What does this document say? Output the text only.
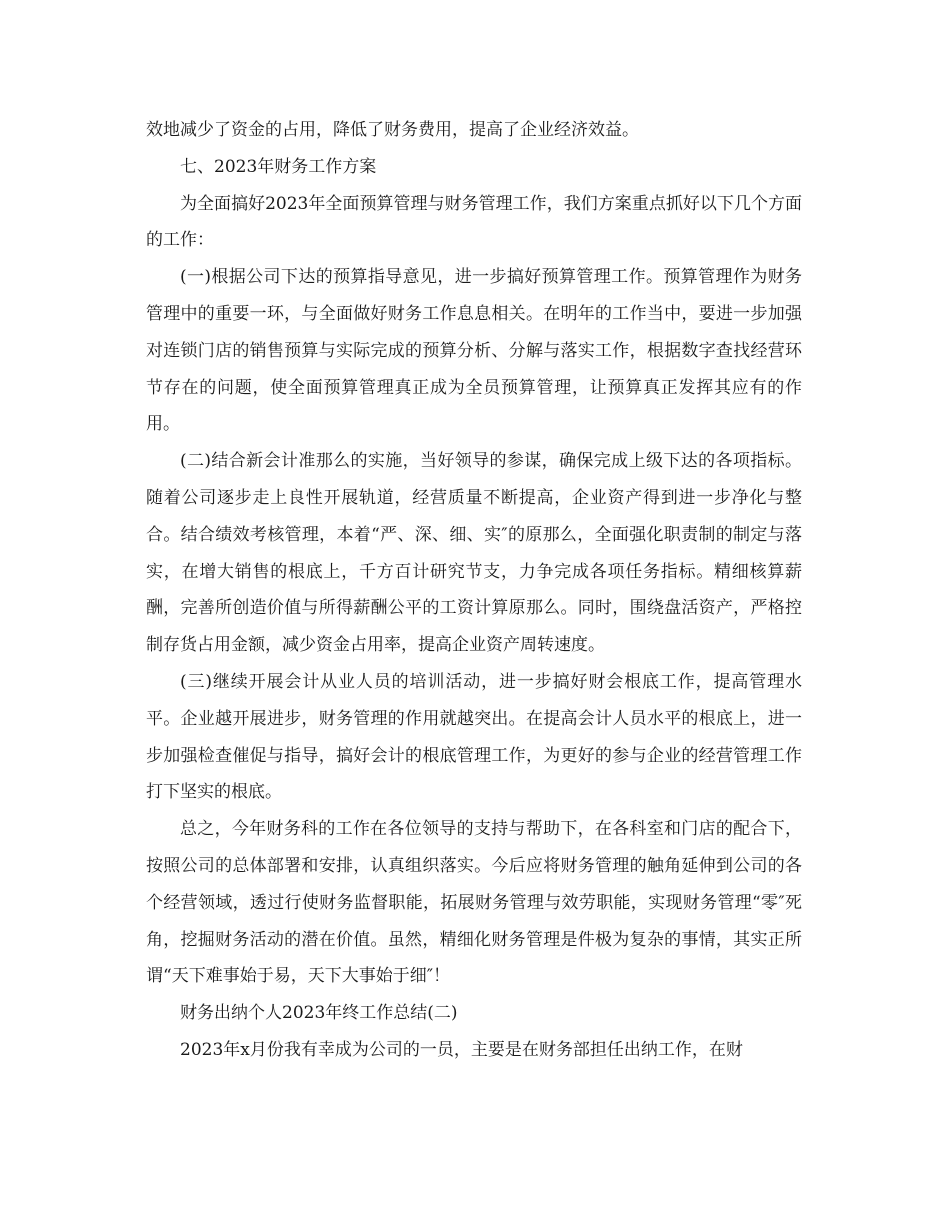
效地减少了资金的占用，降低了财务费用，提高了企业经济效益。

七、2023年财务工作方案

为全面搞好2023年全面预算管理与财务管理工作，我们方案重点抓好以下几个方面的工作：

(一)根据公司下达的预算指导意见，进一步搞好预算管理工作。预算管理作为财务管理中的重要一环，与全面做好财务工作息息相关。在明年的工作当中，要进一步加强对连锁门店的销售预算与实际完成的预算分析、分解与落实工作，根据数字查找经营环节存在的问题，使全面预算管理真正成为全员预算管理，让预算真正发挥其应有的作用。

(二)结合新会计准那么的实施，当好领导的参谋，确保完成上级下达的各项指标。随着公司逐步走上良性开展轨道，经营质量不断提高，企业资产得到进一步净化与整合。结合绩效考核管理，本着“严、深、细、实″的原那么，全面强化职责制的制定与落实，在增大销售的根底上，千方百计研究节支，力争完成各项任务指标。精细核算薪酬，完善所创造价值与所得薪酬公平的工资计算原那么。同时，围绕盘活资产，严格控制存货占用金额，减少资金占用率，提高企业资产周转速度。

(三)继续开展会计从业人员的培训活动，进一步搞好财会根底工作，提高管理水平。企业越开展进步，财务管理的作用就越突出。在提高会计人员水平的根底上，进一步加强检查催促与指导，搞好会计的根底管理工作，为更好的参与企业的经营管理工作打下坚实的根底。

总之，今年财务科的工作在各位领导的支持与帮助下，在各科室和门店的配合下，按照公司的总体部署和安排，认真组织落实。今后应将财务管理的触角延伸到公司的各个经营领域，透过行使财务监督职能，拓展财务管理与效劳职能，实现财务管理“零″死角，挖掘财务活动的潜在价值。虽然，精细化财务管理是件极为复杂的事情，其实正所谓“天下难事始于易，天下大事始于细″！

财务出纳个人2023年终工作总结(二)

2023年x月份我有幸成为公司的一员，主要是在财务部担任出纳工作，在财
